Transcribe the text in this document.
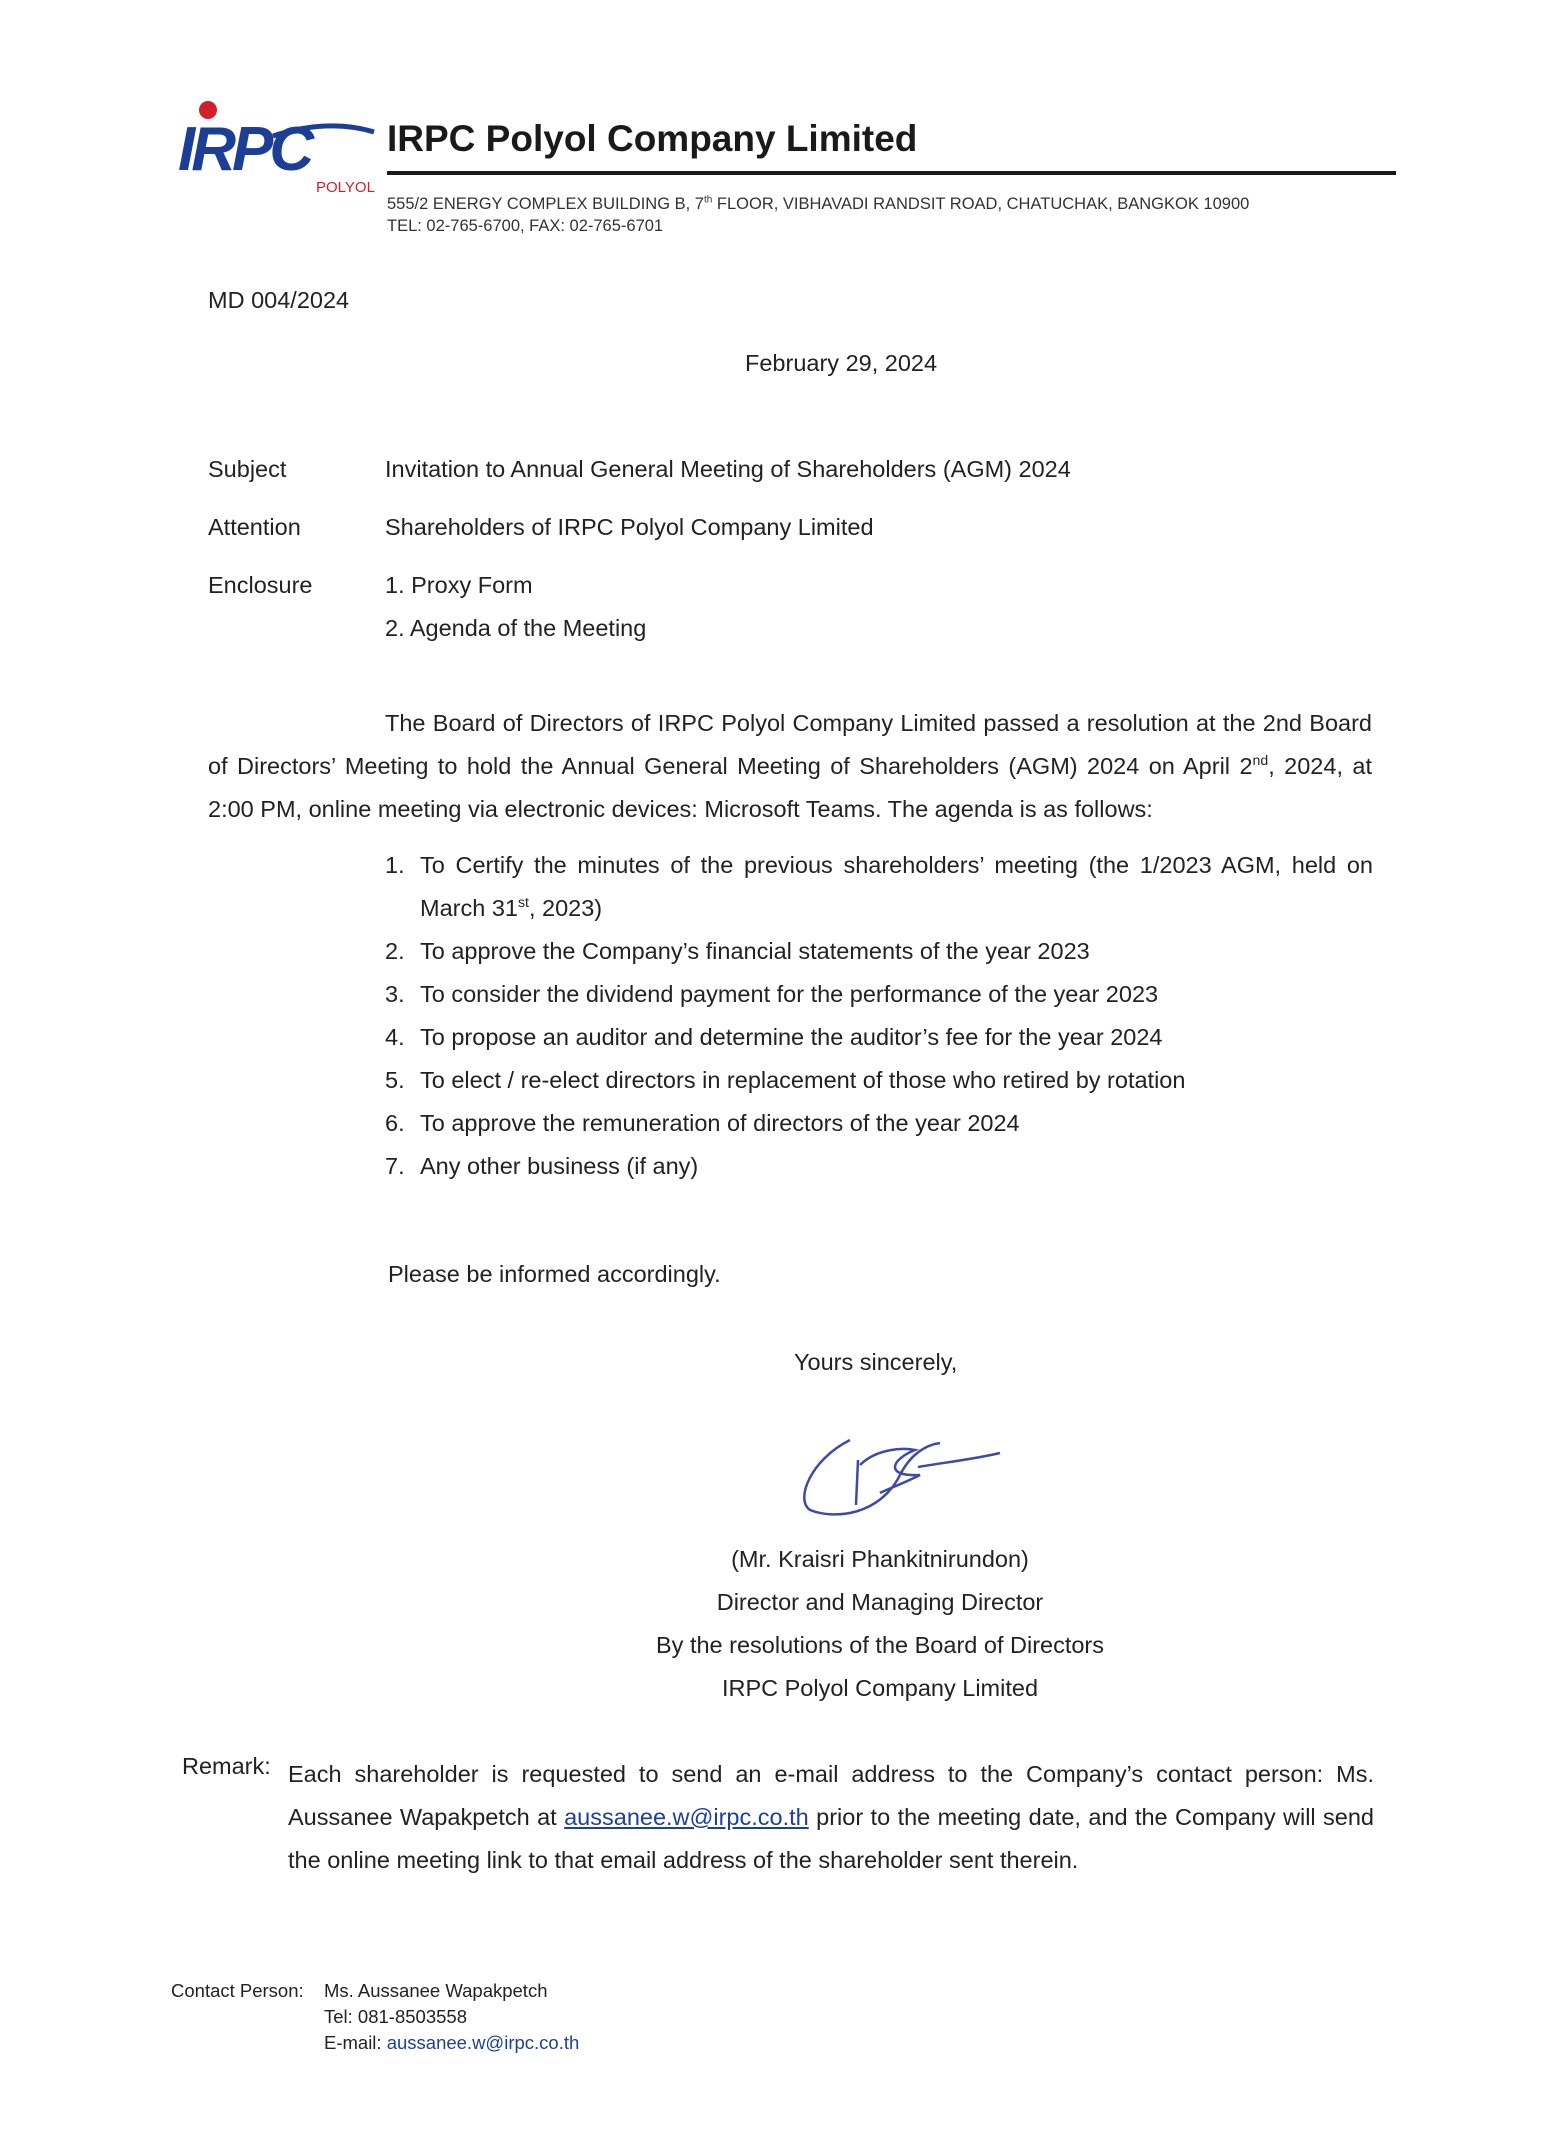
IRPC
POLYOL
IRPC Polyol Company Limited
555/2 ENERGY COMPLEX BUILDING B, 7th FLOOR, VIBHAVADI RANDSIT ROAD, CHATUCHAK, BANGKOK 10900
TEL: 02-765-6700, FAX: 02-765-6701
MD 004/2024
February 29, 2024
Subject	Invitation to Annual General Meeting of Shareholders (AGM) 2024
Attention	Shareholders of IRPC Polyol Company Limited
Enclosure	1. Proxy Form
2. Agenda of the Meeting
The Board of Directors of IRPC Polyol Company Limited passed a resolution at the 2nd Board of Directors’ Meeting to hold the Annual General Meeting of Shareholders (AGM) 2024 on April 2nd, 2024, at 2:00 PM, online meeting via electronic devices: Microsoft Teams. The agenda is as follows:
1. To Certify the minutes of the previous shareholders’ meeting (the 1/2023 AGM, held on March 31st, 2023)
2. To approve the Company’s financial statements of the year 2023
3. To consider the dividend payment for the performance of the year 2023
4. To propose an auditor and determine the auditor’s fee for the year 2024
5. To elect / re-elect directors in replacement of those who retired by rotation
6. To approve the remuneration of directors of the year 2024
7. Any other business (if any)
Please be informed accordingly.
Yours sincerely,
(Mr. Kraisri Phankitnirundon)
Director and Managing Director
By the resolutions of the Board of Directors
IRPC Polyol Company Limited
Remark: Each shareholder is requested to send an e-mail address to the Company’s contact person: Ms. Aussanee Wapakpetch at aussanee.w@irpc.co.th prior to the meeting date, and the Company will send the online meeting link to that email address of the shareholder sent therein.
Contact Person: Ms. Aussanee Wapakpetch
Tel: 081-8503558
E-mail: aussanee.w@irpc.co.th
